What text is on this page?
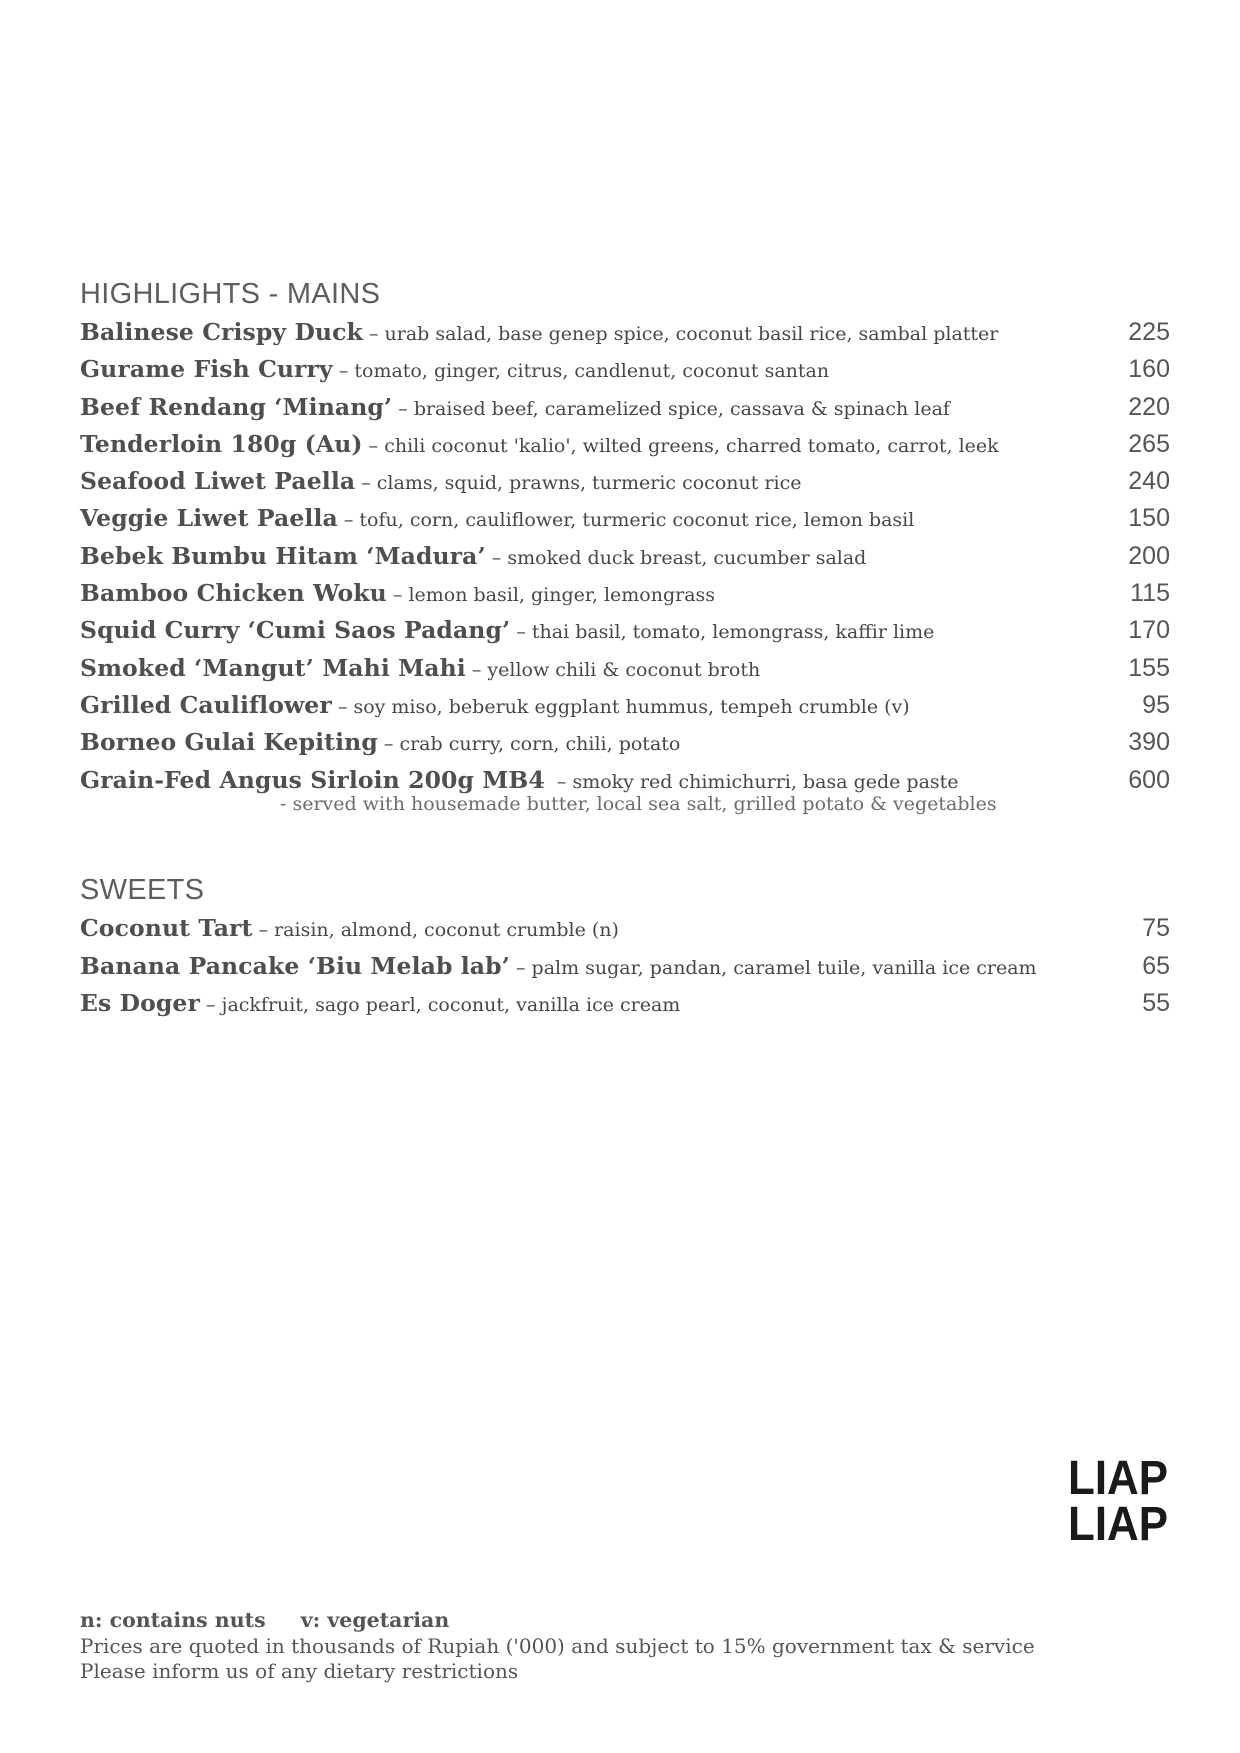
HIGHLIGHTS - MAINS
Balinese Crispy Duck – urab salad, base genep spice, coconut basil rice, sambal platter	225
Gurame Fish Curry – tomato, ginger, citrus, candlenut, coconut santan	160
Beef Rendang ‘Minang’ – braised beef, caramelized spice, cassava & spinach leaf	220
Tenderloin 180g (Au) – chili coconut 'kalio', wilted greens, charred tomato, carrot, leek	265
Seafood Liwet Paella – clams, squid, prawns, turmeric coconut rice	240
Veggie Liwet Paella – tofu, corn, cauliflower, turmeric coconut rice, lemon basil	150
Bebek Bumbu Hitam ‘Madura’ – smoked duck breast, cucumber salad	200
Bamboo Chicken Woku – lemon basil, ginger, lemongrass	115
Squid Curry ‘Cumi Saos Padang’ – thai basil, tomato, lemongrass, kaffir lime	170
Smoked ‘Mangut’ Mahi Mahi – yellow chili & coconut broth	155
Grilled Cauliflower – soy miso, beberuk eggplant hummus, tempeh crumble (v)	95
Borneo Gulai Kepiting – crab curry, corn, chili, potato	390
Grain-Fed Angus Sirloin 200g MB4  – smoky red chimichurri, basa gede paste	600
- served with housemade butter, local sea salt, grilled potato & vegetables
SWEETS
Coconut Tart – raisin, almond, coconut crumble (n)	75
Banana Pancake ‘Biu Melab lab’ – palm sugar, pandan, caramel tuile, vanilla ice cream	65
Es Doger – jackfruit, sago pearl, coconut, vanilla ice cream	55
LIAP
LIAP
n: contains nuts v: vegetarian
Prices are quoted in thousands of Rupiah ('000) and subject to 15% government tax & service
Please inform us of any dietary restrictions
